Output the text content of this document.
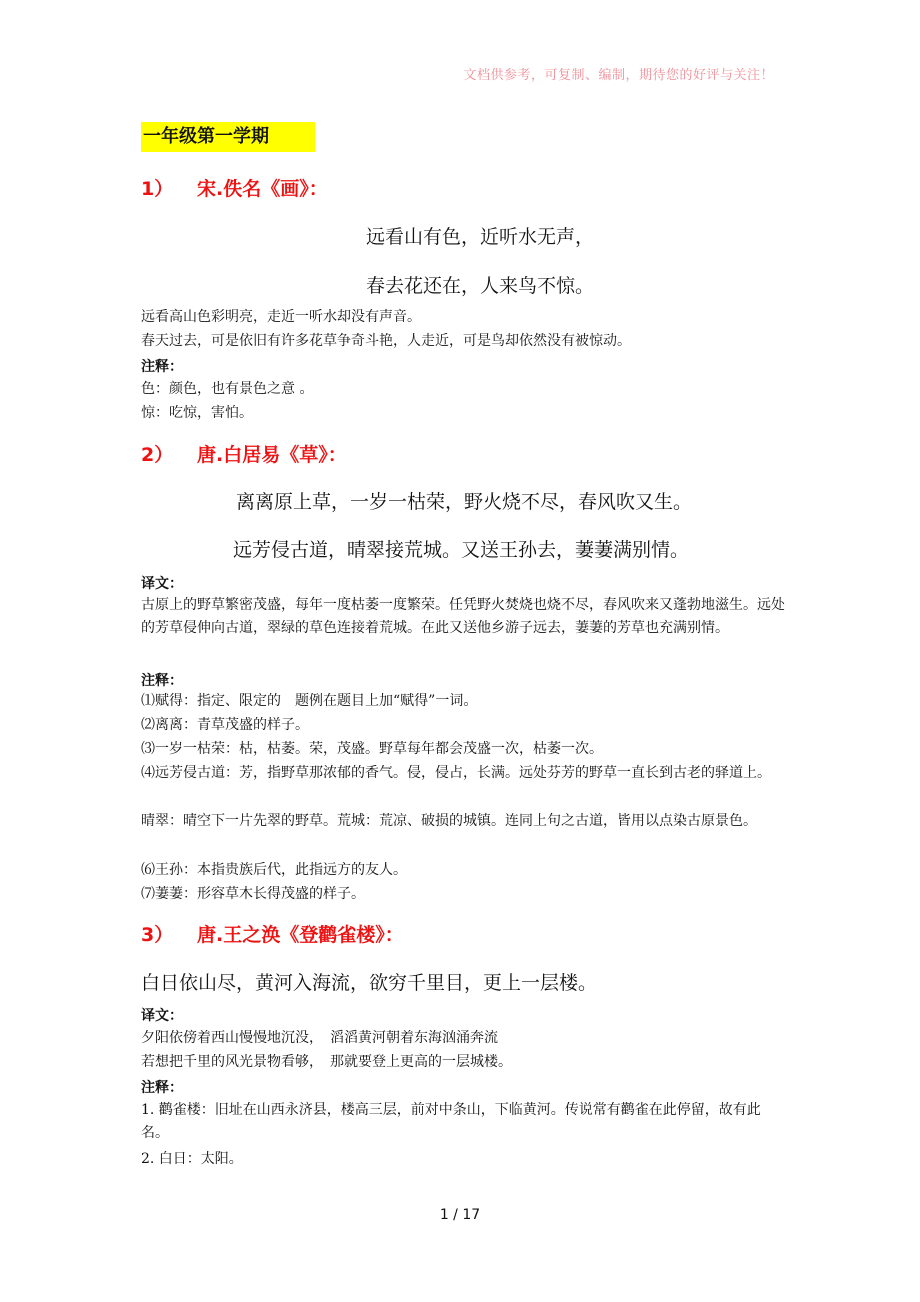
文档供参考，可复制、编制，期待您的好评与关注！
一年级第一学期
1） 宋.佚名《画》：
远看山有色，近听水无声，
春去花还在，人来鸟不惊。
远看高山色彩明亮，走近一听水却没有声音。
春天过去，可是依旧有许多花草争奇斗艳，人走近，可是鸟却依然没有被惊动。
注释：
色：颜色，也有景色之意 。
惊：吃惊，害怕。
2） 唐.白居易《草》：
离离原上草，一岁一枯荣，野火烧不尽，春风吹又生。
远芳侵古道，晴翠接荒城。又送王孙去，萋萋满别情。
译文：
古原上的野草繁密茂盛，每年一度枯萎一度繁荣。任凭野火焚烧也烧不尽，春风吹来又蓬勃地滋生。远处的芳草侵伸向古道，翠绿的草色连接着荒城。在此又送他乡游子远去，萋萋的芳草也充满别情。
注释：
⑴赋得：指定、限定的　题例在题目上加“赋得”一词。
⑵离离：青草茂盛的样子。
⑶一岁一枯荣：枯，枯萎。荣，茂盛。野草每年都会茂盛一次，枯萎一次。
⑷远芳侵古道：芳，指野草那浓郁的香气。侵，侵占，长满。远处芬芳的野草一直长到古老的驿道上。
晴翠：晴空下一片先翠的野草。荒城：荒凉、破损的城镇。连同上句之古道，皆用以点染古原景色。
⑹王孙：本指贵族后代，此指远方的友人。
⑺萋萋：形容草木长得茂盛的样子。
3） 唐.王之涣《登鹳雀楼》：
白日依山尽，黄河入海流，欲穷千里目，更上一层楼。
译文：
夕阳依傍着西山慢慢地沉没，　滔滔黄河朝着东海汹涌奔流
若想把千里的风光景物看够，　那就要登上更高的一层城楼。
注释：
1. 鹳雀楼：旧址在山西永济县，楼高三层，前对中条山，下临黄河。传说常有鹳雀在此停留，故有此名。
2. 白日：太阳。
1 / 17
